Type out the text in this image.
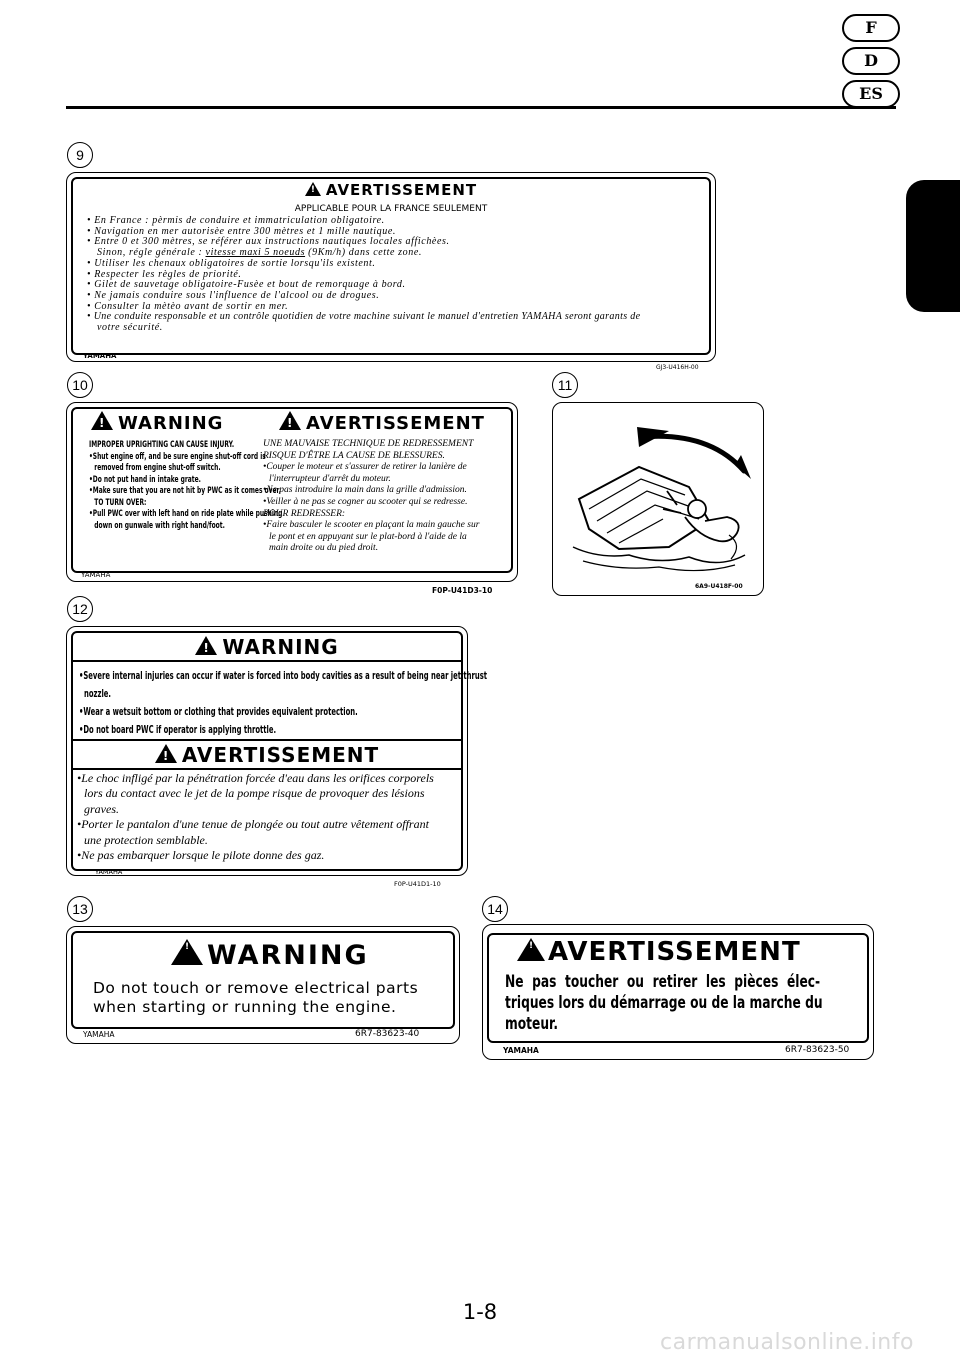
F
D
ES
9
!AVERTISSEMENT
APPLICABLE POUR LA FRANCE SEULEMENT
• En France : pèrmis de conduire et immatriculation obligatoire.
• Navigation en mer autorisèe entre 300 mètres et 1 mille nautique.
• Entre 0 et 300 mètres, se référer aux instructions nautiques locales affichèes.
Sinon, régle générale : vitesse maxi 5 noeuds (9Km/h) dans cette zone.
• Utiliser les chenaux obligatoires de sortie lorsqu'ils existent.
• Respecter les règles de priorité.
• Gilet de sauvetage obligatoire-Fusèe et bout de remorquage à bord.
• Ne jamais conduire sous l'influence de l'alcool ou de drogues.
• Consulter la mètèo avant de sortir en mer.
• Une conduite responsable et un contrôle quotidien de votre machine suivant le manuel d'entretien YAMAHA seront garants de
votre sécurité.
YAMAHA
GJ3-U416H-00
10
!WARNING
!	AVERTISSEMENT
IMPROPER UPRIGHTING CAN CAUSE INJURY.
•Shut engine off, and be sure engine shut-off cord is
removed from engine shut-off switch.
•Do not put hand in intake grate.
•Make sure that you are not hit by PWC as it comes over.
TO TURN OVER:
•Pull PWC over with left hand on ride plate while pushing
down on gunwale with right hand/foot.
UNE MAUVAISE TECHNIQUE DE REDRESSEMENT
RISQUE D'ÊTRE LA CAUSE DE BLESSURES.
•Couper le moteur et s'assurer de retirer la lanière de
l'interrupteur d'arrêt du moteur.
•Ne pas introduire la main dans la grille d'admission.
•Veiller à ne pas se cogner au scooter qui se redresse.
POUR REDRESSER:
•Faire basculer le scooter en plaçant la main gauche sur
le pont et en appuyant sur le plat-bord à l'aide de la
main droite ou du pied droit.
YAMAHA
F0P-U41D3-10
11
6A9-U418F-00
12
!WARNING
•Severe internal injuries can occur if water is forced into body cavities as a result of being near jet thrust
nozzle.
•Wear a wetsuit bottom or clothing that provides equivalent protection.
•Do not board PWC if operator is applying throttle.
!AVERTISSEMENT
•Le choc infligé par la pénétration forcée d'eau dans les orifices corporels
lors du contact avec le jet de la pompe risque de provoquer des lésions
graves.
•Porter le pantalon d'une tenue de plongée ou tout autre vêtement offrant
une protection semblable.
•Ne pas embarquer lorsque le pilote donne des gaz.
YAMAHA
F0P-U41D1-10
13
!WARNING
Do not touch or remove electrical parts
when starting or running the engine.
YAMAHA	6R7-83623-40
14
!AVERTISSEMENT
Ne pas toucher ou retirer les pièces élec-
triques lors du démarrage ou de la marche du
moteur.
YAMAHA	6R7-83623-50
1-8
carmanualsonline.info
